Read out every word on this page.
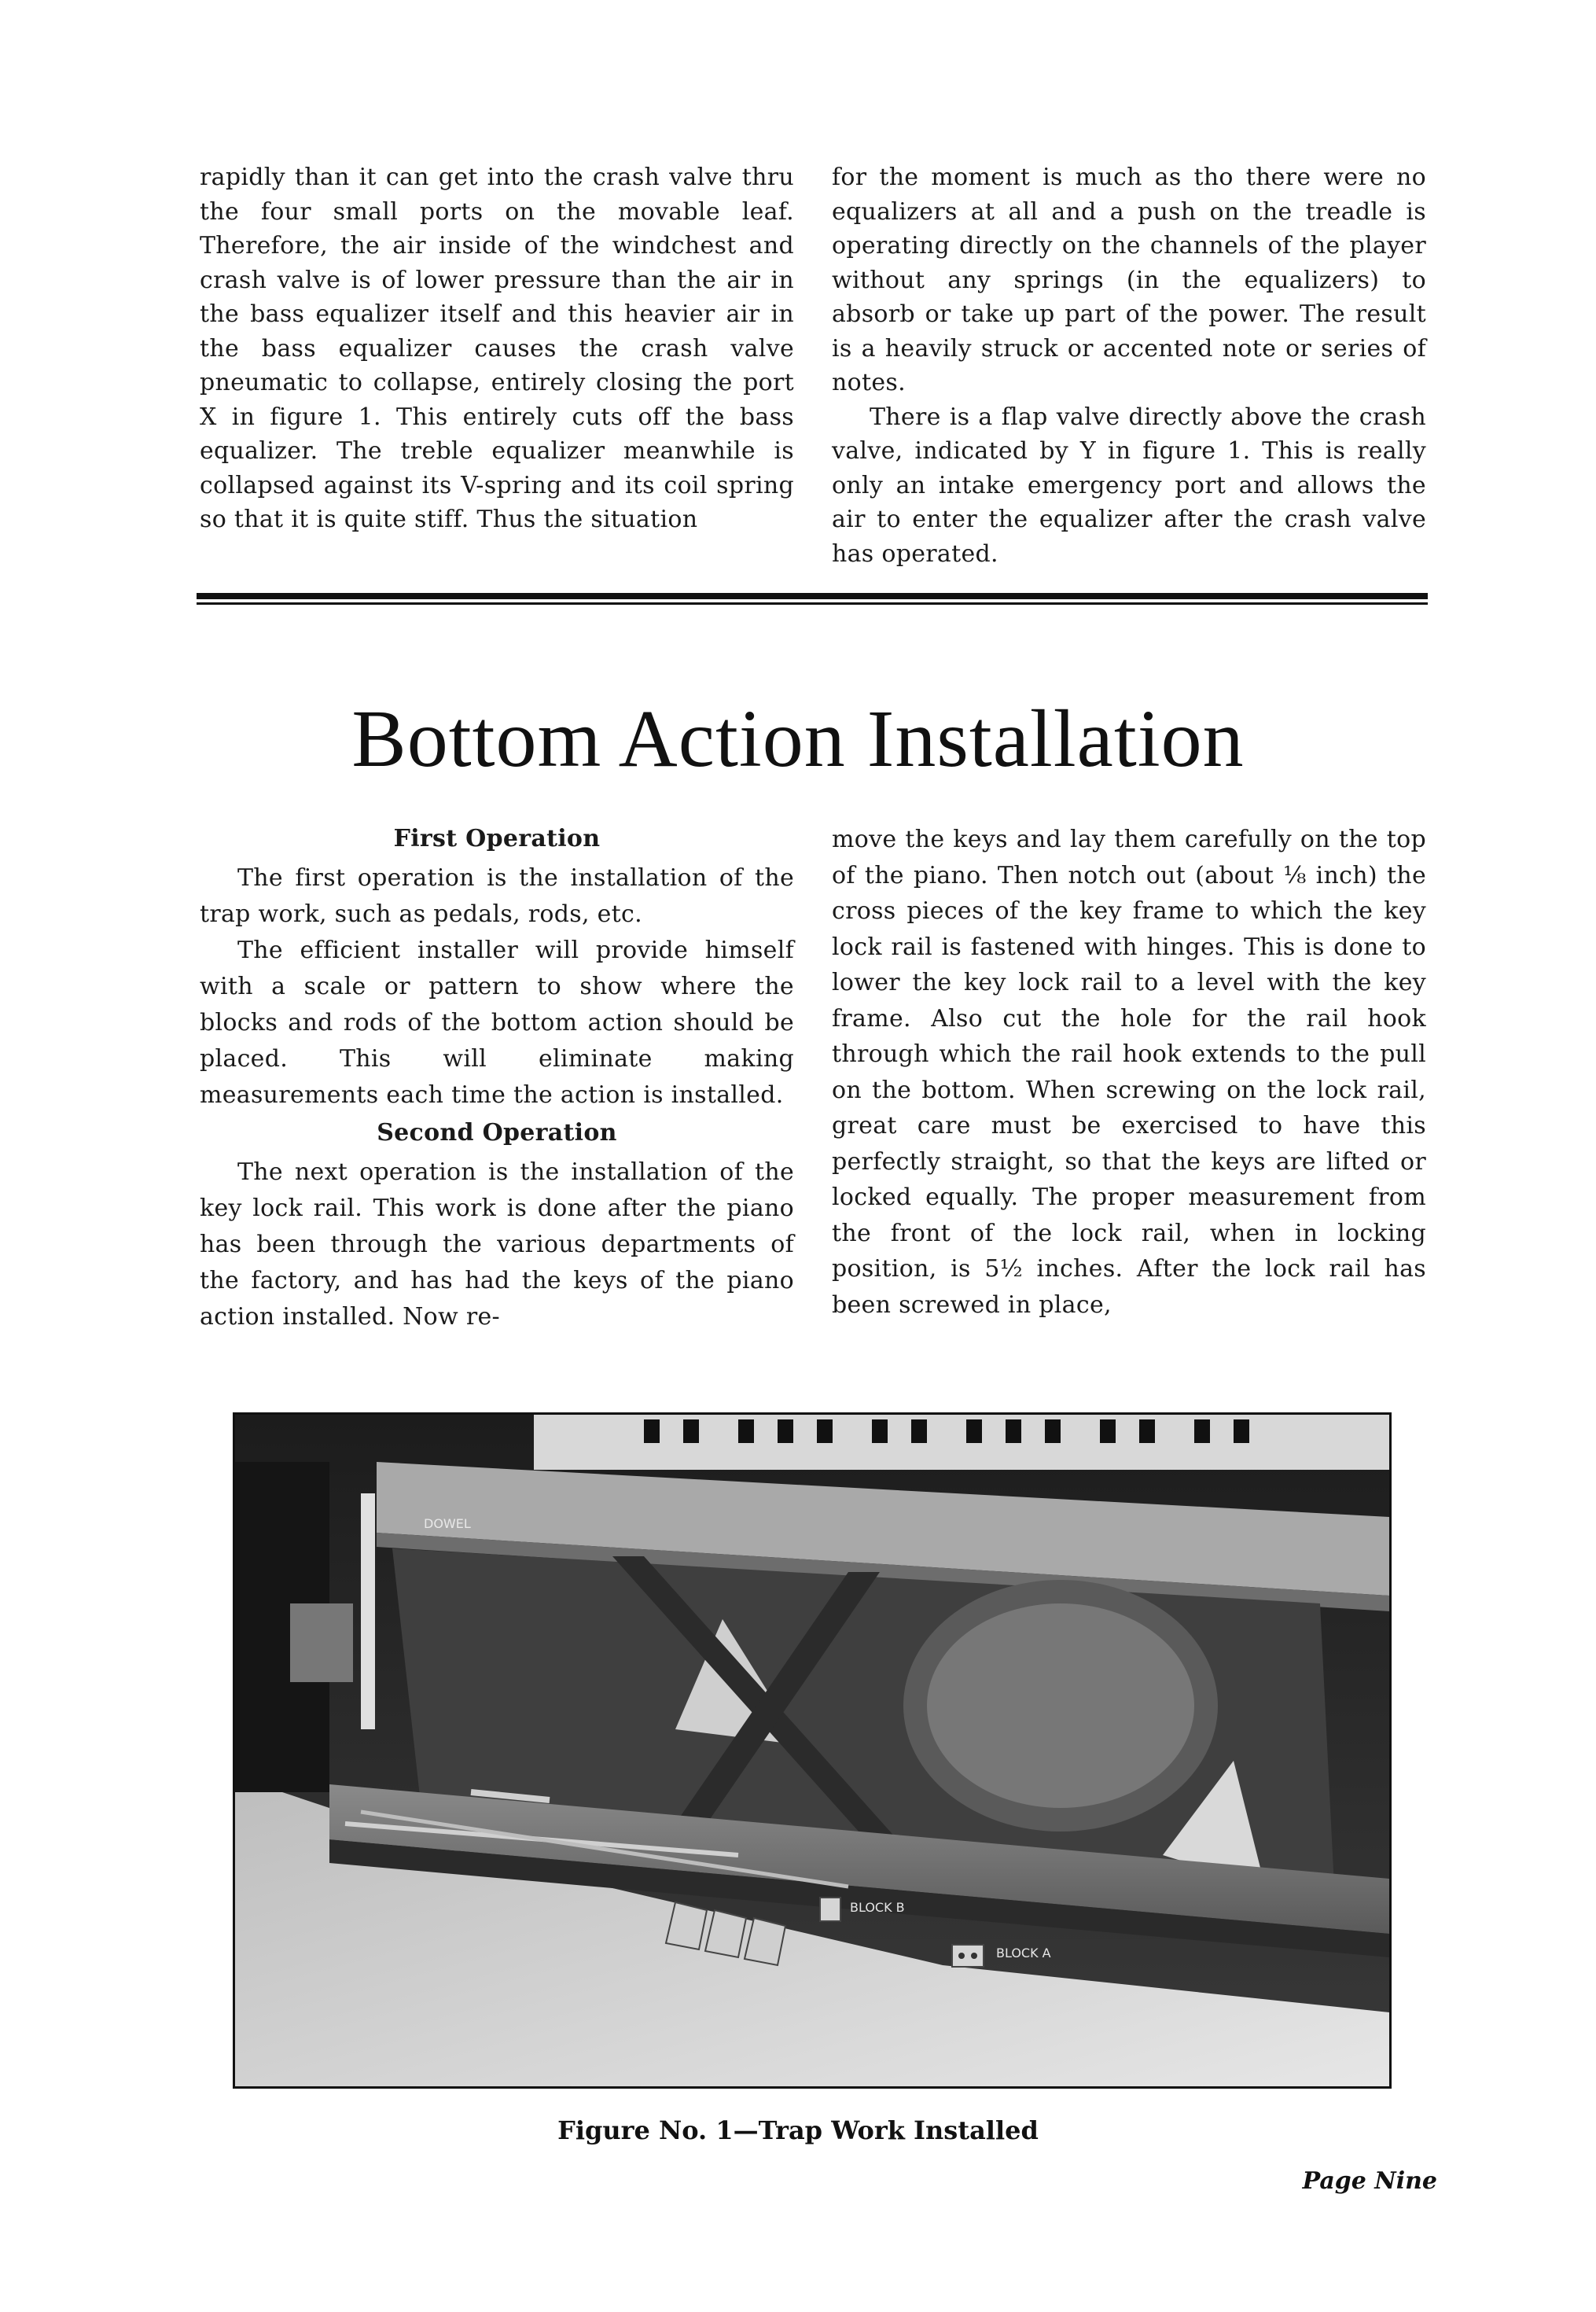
rapidly than it can get into the crash valve thru the four small ports on the movable leaf. Therefore, the air inside of the windchest and crash valve is of lower pressure than the air in the bass equalizer itself and this heavier air in the bass equalizer causes the crash valve pneumatic to collapse, entirely closing the port X in figure 1. This entirely cuts off the bass equalizer. The treble equalizer meanwhile is collapsed against its V-spring and its coil spring so that it is quite stiff. Thus the situation

for the moment is much as tho there were no equalizers at all and a push on the treadle is operating directly on the channels of the player without any springs (in the equalizers) to absorb or take up part of the power. The result is a heavily struck or accented note or series of notes.

There is a flap valve directly above the crash valve, indicated by Y in figure 1. This is really only an intake emergency port and allows the air to enter the equalizer after the crash valve has operated.

Bottom Action Installation

First Operation

The first operation is the installation of the trap work, such as pedals, rods, etc.

The efficient installer will provide himself with a scale or pattern to show where the blocks and rods of the bottom action should be placed. This will eliminate making measurements each time the action is installed.

Second Operation

The next operation is the installation of the key lock rail. This work is done after the piano has been through the various departments of the factory, and has had the keys of the piano action installed. Now re-

move the keys and lay them carefully on the top of the piano. Then notch out (about ⅛ inch) the cross pieces of the key frame to which the key lock rail is fastened with hinges. This is done to lower the key lock rail to a level with the key frame. Also cut the hole for the rail hook through which the rail hook extends to the pull on the bottom. When screwing on the lock rail, great care must be exercised to have this perfectly straight, so that the keys are lifted or locked equally. The proper measurement from the front of the lock rail, when in locking position, is 5½ inches. After the lock rail has been screwed in place,

DOWEL
BLOCK B
BLOCK A
Figure No. 1—Trap Work Installed
Page Nine
